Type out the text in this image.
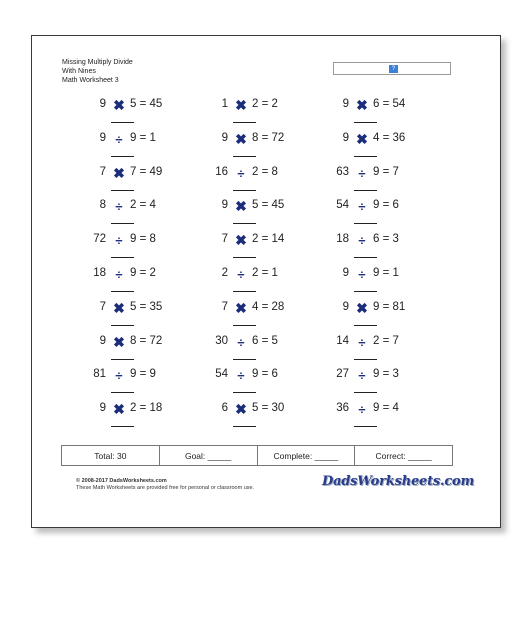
Missing Multiply Divide
With Nines
Math Worksheet 3
?
9 ✖ 5 = 45	1 ✖ 2 = 2	9 ✖ 6 = 54
9 ÷ 9 = 1	9 ✖ 8 = 72	9 ✖ 4 = 36
7 ✖ 7 = 49	16 ÷ 2 = 8	63 ÷ 9 = 7
8 ÷ 2 = 4	9 ✖ 5 = 45	54 ÷ 9 = 6
72 ÷ 9 = 8	7 ✖ 2 = 14	18 ÷ 6 = 3
18 ÷ 9 = 2	2 ÷ 2 = 1	9 ÷ 9 = 1
7 ✖ 5 = 35	7 ✖ 4 = 28	9 ✖ 9 = 81
9 ✖ 8 = 72	30 ÷ 6 = 5	14 ÷ 2 = 7
81 ÷ 9 = 9	54 ÷ 9 = 6	27 ÷ 9 = 3
9 ✖ 2 = 18	6 ✖ 5 = 30	36 ÷ 9 = 4
Total: 30	Goal: _____	Complete: _____	Correct: _____
© 2008-2017 DadsWorksheets.com
These Math Worksheets are provided free for personal or classroom use.	DadsWorksheets.com
